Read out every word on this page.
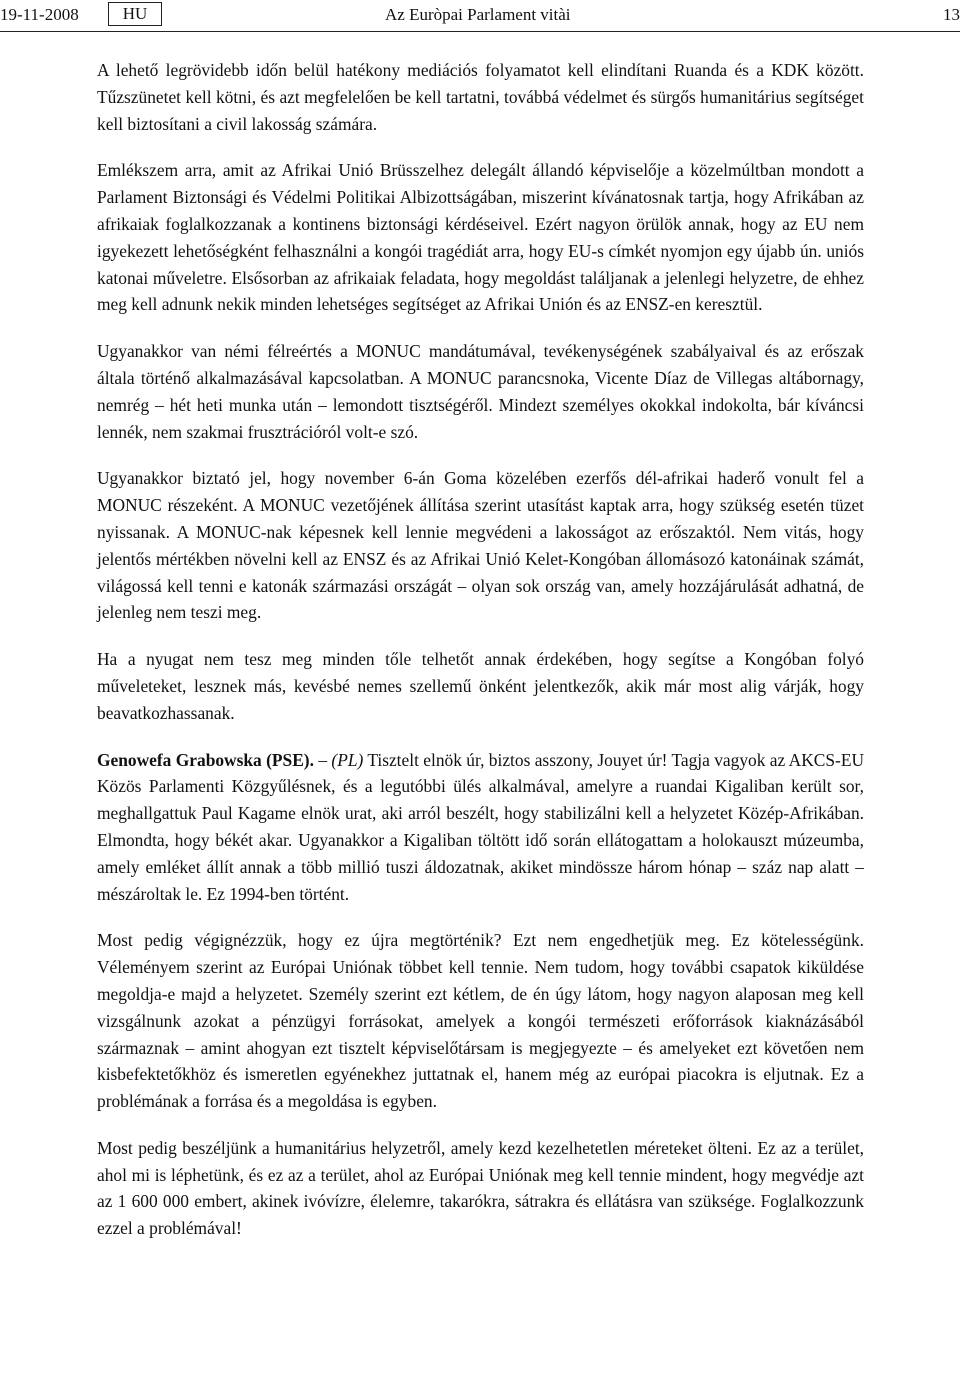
19-11-2008	HU	Az Euròpai Parlament vitài	13

A lehető legrövidebb időn belül hatékony mediációs folyamatot kell elindítani Ruanda és a KDK között. Tűzszünetet kell kötni, és azt megfelelően be kell tartatni, továbbá védelmet és sürgős humanitárius segítséget kell biztosítani a civil lakosság számára.

Emlékszem arra, amit az Afrikai Unió Brüsszelhez delegált állandó képviselője a közelmúltban mondott a Parlament Biztonsági és Védelmi Politikai Albizottságában, miszerint kívánatosnak tartja, hogy Afrikában az afrikaiak foglalkozzanak a kontinens biztonsági kérdéseivel. Ezért nagyon örülök annak, hogy az EU nem igyekezett lehetőségként felhasználni a kongói tragédiát arra, hogy EU-s címkét nyomjon egy újabb ún. uniós katonai műveletre. Elsősorban az afrikaiak feladata, hogy megoldást találjanak a jelenlegi helyzetre, de ehhez meg kell adnunk nekik minden lehetséges segítséget az Afrikai Unión és az ENSZ-en keresztül.

Ugyanakkor van némi félreértés a MONUC mandátumával, tevékenységének szabályaival és az erőszak általa történő alkalmazásával kapcsolatban. A MONUC parancsnoka, Vicente Díaz de Villegas altábornagy, nemrég – hét heti munka után – lemondott tisztségéről. Mindezt személyes okokkal indokolta, bár kíváncsi lennék, nem szakmai frusztrációról volt-e szó.

Ugyanakkor biztató jel, hogy november 6-án Goma közelében ezerfős dél-afrikai haderő vonult fel a MONUC részeként. A MONUC vezetőjének állítása szerint utasítást kaptak arra, hogy szükség esetén tüzet nyissanak. A MONUC-nak képesnek kell lennie megvédeni a lakosságot az erőszaktól. Nem vitás, hogy jelentős mértékben növelni kell az ENSZ és az Afrikai Unió Kelet-Kongóban állomásozó katonáinak számát, világossá kell tenni e katonák származási országát – olyan sok ország van, amely hozzájárulását adhatná, de jelenleg nem teszi meg.

Ha a nyugat nem tesz meg minden tőle telhetőt annak érdekében, hogy segítse a Kongóban folyó műveleteket, lesznek más, kevésbé nemes szellemű önként jelentkezők, akik már most alig várják, hogy beavatkozhassanak.

Genowefa Grabowska (PSE). – (PL) Tisztelt elnök úr, biztos asszony, Jouyet úr! Tagja vagyok az AKCS-EU Közös Parlamenti Közgyűlésnek, és a legutóbbi ülés alkalmával, amelyre a ruandai Kigaliban került sor, meghallgattuk Paul Kagame elnök urat, aki arról beszélt, hogy stabilizálni kell a helyzetet Közép-Afrikában. Elmondta, hogy békét akar. Ugyanakkor a Kigaliban töltött idő során ellátogattam a holokauszt múzeumba, amely emléket állít annak a több millió tuszi áldozatnak, akiket mindössze három hónap – száz nap alatt – mészároltak le. Ez 1994-ben történt.

Most pedig végignézzük, hogy ez újra megtörténik? Ezt nem engedhetjük meg. Ez kötelességünk. Véleményem szerint az Európai Uniónak többet kell tennie. Nem tudom, hogy további csapatok kiküldése megoldja-e majd a helyzetet. Személy szerint ezt kétlem, de én úgy látom, hogy nagyon alaposan meg kell vizsgálnunk azokat a pénzügyi forrásokat, amelyek a kongói természeti erőforrások kiaknázásából származnak – amint ahogyan ezt tisztelt képviselőtársam is megjegyezte – és amelyeket ezt követően nem kisbefektetőkhöz és ismeretlen egyénekhez juttatnak el, hanem még az európai piacokra is eljutnak. Ez a problémának a forrása és a megoldása is egyben.

Most pedig beszéljünk a humanitárius helyzetről, amely kezd kezelhetetlen méreteket ölteni. Ez az a terület, ahol mi is léphetünk, és ez az a terület, ahol az Európai Uniónak meg kell tennie mindent, hogy megvédje azt az 1 600 000 embert, akinek ivóvízre, élelemre, takarókra, sátrakra és ellátásra van szüksége. Foglalkozzunk ezzel a problémával!
